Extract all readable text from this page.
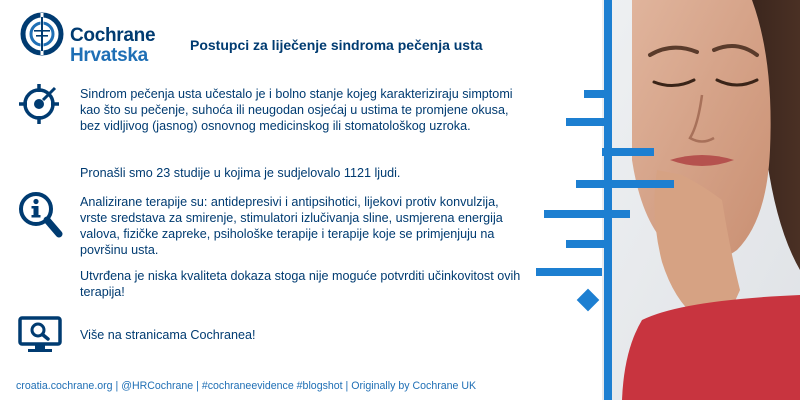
Cochrane
Hrvatska	Postupci za liječenje sindroma pečenja usta
Sindrom pečenja usta učestalo je i bolno stanje kojeg karakteriziraju simptomi kao što su pečenje, suhoća ili neugodan osjećaj u ustima te promjene okusa, bez vidljivog (jasnog) osnovnog medicinskog ili stomatološkog uzroka.
Pronašli smo 23 studije u kojima je sudjelovalo 1121 ljudi.
Analizirane terapije su: antidepresivi i antipsihotici, lijekovi protiv konvulzija, vrste sredstava za smirenje, stimulatori izlučivanja sline, usmjerena energija valova, fizičke zapreke, psihološke terapije i terapije koje se primjenjuju na površinu usta.
Utvrđena je niska kvaliteta dokaza stoga nije moguće potvrditi učinkovitost ovih terapija!
Više na stranicama Cochranea!
croatia.cochrane.org | @HRCochrane | #cochraneevidence #blogshot | Originally by Cochrane UK
